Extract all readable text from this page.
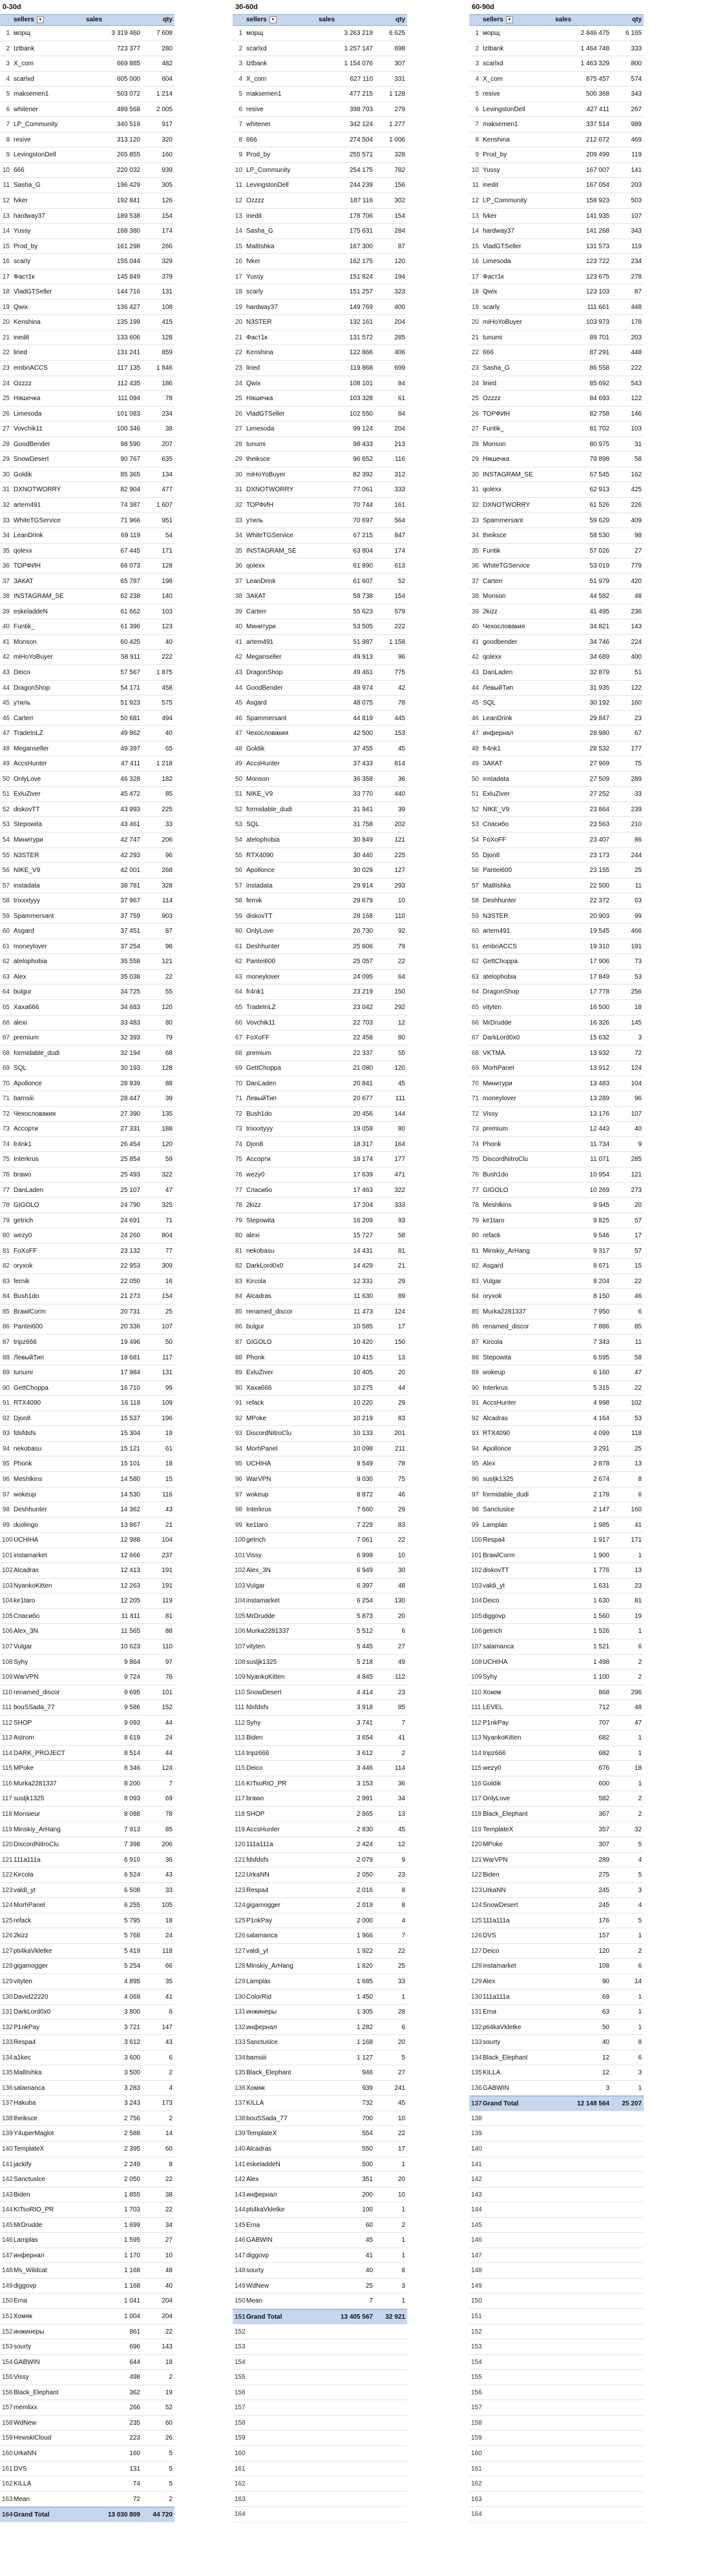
0-30d
sellers ▾	sales	qty
1 морщ	3 319 460	7 608
2 Iztbank	723 377	280
3 X_com	669 885	482
4 scarlxd	605 000	604
5 maksemen1	503 072	1 214
6 whitener	489 568	2 005
7 LP_Community	340 519	917
8 resive	313 120	320
9 LevingstonDell	265 855	160
10 666	220 032	939
11 Sasha_G	196 429	305
12 fvker	192 841	126
13 hardway37	189 538	154
14 Yussy	168 380	174
15 Prod_by	161 298	266
16 scarly	155 044	329
17 Фаст1к	145 849	379
18 VladGTSeller	144 716	131
19 Qwix	136 427	108
20 Kenshina	135 199	415
21 inedit	133 606	128
22 liried	131 241	859
23 embriACCS	117 135	1 846
24 Ozzzz	112 435	186
25 Няшечка	111 094	78
26 Limesoda	101 083	234
27 Vovchik11	100 346	38
28 GoodBender	98 590	207
29 SnowDesert	90 767	635
30 Goldik	85 365	134
31 DXNOTWORRY	82 904	477
32 artem491	74 387	1 607
33 WhiteTGService	71 966	951
34 LeanDrink	69 119	54
35 qolexx	67 445	171
36 ТОРФИН	66 073	128
37 ЗАКАТ	65 787	198
38 INSTAGRAM_SE	62 238	140
39 eskeladdeN	61 662	103
40 Funtik_	61 396	123
41 Monson	60 425	40
42 miHoYoBuyer	58 911	222
43 Deico	57 567	1 875
44 DragonShop	54 171	458
45 утиль	51 923	575
46 Carterr	50 681	494
47 TradeInLZ	49 862	40
48 Meganseller	49 397	65
49 AccsHunter	47 411	1 218
50 OnlyLove	46 328	182
51 ExluZiver	45 472	85
52 diskovTT	43 993	225
53 Stepowita	43 461	33
54 Минитури	42 747	206
55 N3STER	42 293	96
56 NIKE_V9	42 001	268
57 instadata	38 781	328
58 trixxxtyyy	37 967	114
59 Spammersant	37 759	903
60 Asgard	37 451	87
61 moneylover	37 254	98
62 atelophobia	35 558	121
63 Alex	35 038	22
64 bulgur	34 725	55
65 Xaxa666	34 683	120
66 alexi	33 483	80
67 premium	32 393	79
68 formidable_dudi	32 194	68
69 SQL	30 193	128
70 Apollonce	28 939	88
71 bamsiii	28 447	39
72 Чехословакия	27 390	135
73 Ассорти	27 331	188
74 fr4nk1	26 454	120
75 Interkrus	25 854	59
76 brawo	25 493	322
77 DanLaden	25 107	47
78 GIGOLO	24 790	325
79 getrich	24 691	71
80 wezy0	24 260	804
81 FoXoFF	23 132	77
82 oryxok	22 953	309
83 fernik	22 050	16
84 Bush1do	21 273	154
85 BrawlCorm	20 731	25
86 Pantei600	20 336	107
87 tripz666	19 496	50
88 ЛевыйТип	18 681	117
89 tunumi	17 984	131
90 GettChoppa	16 710	99
91 RTX4090	16 118	109
92 Djon8	15 537	196
93 fdsfdsfs	15 304	19
94 nekobasu	15 121	61
95 Phonk	15 101	18
96 Meshlkins	14 580	15
97 wokeup	14 530	116
98 Deshhunter	14 362	43
99 duolingo	13 867	21
100 UCHIHA	12 988	104
101 instamarket	12 666	237
102 Alcadras	12 413	191
103 NyankoKitten	12 263	191
104 ke1taro	12 205	119
105 Спасибо	11 811	81
106 Alex_3N	11 565	88
107 Vulgar	10 623	110
108 Syhy	9 864	97
109 WarVPN	9 724	76
110 renamed_discor	9 695	101
111 bouSSada_77	9 586	152
112 SHOP	9 093	44
113 Astrom	8 619	24
114 DARK_PROJECT	8 514	44
115 MPoke	8 346	124
116 Murka2281337	8 200	7
117 susljk1325	8 093	69
118 Monsieur	8 088	78
119 Minskiy_ArHang	7 913	85
120 DiscordNitroClu	7 398	206
121 111a111a	6 910	36
122 Kircola	6 524	43
123 valdi_yt	6 508	33
124 MorhPanel	6 255	105
125 refack	5 795	18
126 2kizz	5 768	24
127 pti4kaVkletke	5 419	118
128 gigamogger	5 254	66
129 vityten	4 895	35
130 David22220	4 069	41
131 DarkLord0x0	3 800	6
132 P1nkPay	3 721	147
133 Respa4	3 612	43
134 a1kec	3 600	6
135 Ma8Ishka	3 500	2
136 salamanca	3 283	4
137 Hakuba	3 243	173
138 theiksce	2 756	2
139 Y4uperMaglot	2 588	14
140 TemplateX	2 395	60
141 jackify	2 249	8
142 Sanctuslce	2 050	22
143 Biden	1 855	38
144 KITsoRIO_PR	1 703	22
145 MrDrudde	1 699	34
146 Lamplas	1 595	27
147 инфернал	1 170	10
148 Ms_Wildcat	1 168	48
149 diggovp	1 168	40
150 Erna	1 041	204
151 Хомяк	1 004	204
152 инжинеры	861	22
153 sourty	696	143
154 GABWIN	644	18
155 Vissy	498	2
156 Black_Elephant	362	19
157 memlixx	266	52
158 WdNew	235	60
159 HewskiCloud	223	26
160 UrkaNN	160	5
161 DVS	131	5
162 KILLA	74	5
163 Mean	72	2
164 Grand Total	13 030 809	44 720
30-60d
sellers ▾	sales	qty
1 морщ	3 263 219	6 625
2 scarlxd	1 257 147	698
3 Iztbank	1 154 076	307
4 X_com	627 110	331
5 maksemen1	477 215	1 128
6 resive	398 703	279
7 whitener	342 124	1 277
8 666	274 504	1 006
9 Prod_by	255 571	328
10 LP_Community	254 175	782
11 LevingstonDell	244 239	156
12 Ozzzz	187 116	302
13 inedit	178 706	154
14 Sasha_G	175 631	284
15 Ma8Ishka	167 300	87
16 fvker	162 175	120
17 Yussy	151 824	194
18 scarly	151 257	323
19 hardway37	149 769	400
20 N3STER	132 161	204
21 Фаст1к	131 572	285
22 Kenshina	122 866	406
23 liried	119 868	699
24 Qwix	108 101	84
25 Няшечка	103 328	61
26 VladGTSeller	102 550	84
27 Limesoda	99 124	204
28 tunumi	98 433	213
29 theikscе	96 652	116
30 miHoYoBuyer	82 392	312
31 DXNOTWORRY	77 061	333
32 ТОРФИН	70 744	161
33 утиль	70 697	564
34 WhiteTGService	67 215	847
35 INSTAGRAM_SE	63 804	174
36 qolexx	61 890	613
37 LeanDrink	61 607	52
38 ЗАКАТ	58 738	154
39 Carterr	55 623	579
40 Минитури	53 505	222
41 artem491	51 987	1 158
42 Meganseller	49 913	96
43 DragonShop	49 461	775
44 GoodBender	48 974	42
45 Asgard	48 075	78
46 Spammersant	44 819	445
47 Чехословакия	42 500	153
48 Goldik	37 455	45
49 AccsHunter	37 433	814
50 Monson	36 358	36
51 NIKE_V9	33 770	440
52 formidable_dudi	31 941	39
53 SQL	31 758	202
54 atelophobia	30 849	121
55 RTX4090	30 440	225
56 Apollonce	30 029	127
57 instadata	29 914	293
58 fernik	29 679	10
59 diskovTT	28 168	110
60 OnlyLove	26 730	92
61 Deshhunter	25 606	79
62 Pantei600	25 057	22
63 moneylover	24 095	64
64 fr4nk1	23 219	150
65 TradeInLZ	23 042	292
66 Vovchik11	22 703	12
67 FoXoFF	22 458	80
68 premium	22 337	55
69 GettChoppa	21 080	120
70 DanLaden	20 841	45
71 ЛевыйТип	20 677	111
72 Bush1do	20 456	144
73 trixxxtyyy	19 058	80
74 Djon8	18 317	164
75 Ассорти	18 174	177
76 wezy0	17 639	471
77 Спасибо	17 463	322
78 2kizz	17 204	333
79 Stepowita	16 209	93
80 alexi	15 727	58
81 nekobasu	14 431	81
82 DarkLord0x0	14 429	21
83 Kircola	12 331	29
84 Alcadras	11 630	89
85 renamed_discor	11 473	124
86 bulgur	10 585	17
87 GIGOLO	10 420	150
88 Phonk	10 415	13
89 ExluZiver	10 405	20
90 Xaxa666	10 275	44
91 refack	10 220	29
92 MPoke	10 219	83
93 DiscordNitroClu	10 133	201
94 MorhPanel	10 098	211
95 UCHIHA	9 549	78
96 WarVPN	9 030	75
97 wokeup	8 872	46
98 Interkrus	7 660	29
99 ke1taro	7 229	83
100 getrich	7 061	22
101 Vissy	6 999	10
102 Alex_3N	6 949	30
103 Vulgar	6 397	48
104 instamarket	6 254	130
105 MrDrudde	5 873	20
106 Murka2281337	5 512	6
107 vityten	5 445	27
108 susljk1325	5 218	49
109 NyankoKitten	4 845	112
110 SnowDesert	4 414	23
111 fdsfdsfs	3 918	85
112 Syhy	3 741	7
113 Biden	3 654	41
114 tripz666	3 612	2
115 Deico	3 446	114
116 KITsoRIO_PR	3 153	36
117 brawo	2 991	34
118 SHOP	2 865	13
119 AccsHunter	2 830	45
120 111a111a	2 424	12
121 fdsfdsfs	2 079	9
122 UrkaNN	2 050	23
123 Respa4	2 016	8
124 gigamogger	2 019	8
125 P1nkPay	2 000	4
126 salamanca	1 966	7
127 valdi_yt	1 922	22
128 Minskiy_ArHang	1 820	25
129 Lamplas	1 685	33
130 ColorRid	1 450	1
131 инжинеры	1 305	28
132 инфернал	1 282	6
133 Sanctuslce	1 168	20
134 bamsiii	1 127	5
135 Black_Elephant	946	27
136 Хомяк	939	241
137 KILLA	732	45
138 bouSSada_77	700	10
139 TemplateX	554	22
140 Alcadras	550	17
141 eskeladdeN	500	1
142 Alex	351	20
143 инфернал	200	10
144 pti4kaVkletke	100	1
145 Erna	60	2
146 GABWIN	45	1
147 diggovp	41	1
148 sourty	40	8
149 WdNew	25	3
150 Mean	7	1
151 Grand Total	13 405 567	32 921
152
153
154
155
156
157
158
159
160
161
162
163
164
60-90d
sellers ▾	sales	qty
1 морщ	2 846 475	6 165
2 Iztbank	1 464 748	333
3 scarlxd	1 463 329	800
4 X_com	875 457	574
5 resive	500 368	343
6 LevingstonDell	427 411	267
7 maksemen1	337 514	989
8 Kenshina	212 672	469
9 Prod_by	209 499	119
10 Yussy	167 007	141
11 inedit	167 054	203
12 LP_Community	158 923	503
13 fvker	141 935	107
14 hardway37	141 268	343
15 VladGTSeller	131 573	119
16 Limesoda	123 722	234
17 Фаст1к	123 675	278
18 Qwix	123 103	87
19 scarly	111 661	448
20 miHoYoBuyer	103 973	178
21 tunumi	89 701	203
22 666	87 291	448
23 Sasha_G	86 558	222
24 liried	85 692	543
25 Ozzzz	84 693	122
26 ТОРФИН	82 758	146
27 Funtik_	81 702	103
28 Monson	80 975	31
29 Няшечка	79 898	58
30 INSTAGRAM_SE	67 545	162
31 qolexx	62 913	425
32 DXNOTWORRY	61 526	226
33 Spammersant	59 629	409
34 theikscе	58 530	98
35 Funtik	57 026	27
36 WhiteTGService	53 019	779
37 Carterr	51 979	420
38 Monson	44 582	48
39 2kizz	41 495	236
40 Чехословакия	34 821	143
41 goodbender	34 746	224
42 qolexx	34 689	400
43 DanLaden	32 879	51
44 ЛевыйТип	31 935	122
45 SQL	30 192	160
46 LeanDrink	29 847	23
47 инфернал	28 980	67
48 fr4nk1	28 532	177
49 ЗАКАТ	27 969	75
50 instadata	27 509	289
51 ExluZiver	27 252	33
52 NIKE_V9	23 864	239
53 Спасибо	23 563	210
54 FoXoFF	23 407	86
55 Djon8	23 173	244
56 Pantei600	23 155	25
57 Ma8Ishka	22 500	11
58 Deshhunter	22 372	63
59 N3STER	20 903	99
60 artem491	19 545	466
61 embriACCS	19 310	191
62 GettChoppa	17 906	73
63 atelophobia	17 849	53
64 DragonShop	17 778	256
65 vityten	16 500	18
66 MrDrudde	16 326	145
67 DarkLord0x0	15 632	3
68 VKTMA	13 932	72
69 MorhPanel	13 912	124
70 Минитури	13 483	104
71 moneylover	13 289	96
72 Vissy	13 176	107
73 premium	12 443	40
74 Phonk	11 734	9
75 DiscordNitroClu	11 071	285
76 Bush1do	10 954	121
77 GIGOLO	10 269	273
78 Meshlkins	9 945	20
79 ke1taro	9 825	57
80 refack	9 546	17
81 Minskiy_ArHang	9 317	57
82 Asgard	8 671	15
83 Vulgar	8 204	22
84 oryxok	8 150	46
85 Murka2281337	7 950	6
86 renamed_discor	7 886	85
87 Kircola	7 343	11
88 Stepowita	6 595	58
89 wokeup	6 160	47
90 Interkrus	5 315	22
91 AccsHunter	4 998	102
92 Alcadras	4 164	53
93 RTX4090	4 099	118
94 Apollonce	3 291	25
95 Alex	2 878	13
96 susljk1325	2 674	8
97 formidable_dudi	2 178	6
98 Sanctuslce	2 147	160
99 Lamplas	1 985	41
100 Respa4	1 917	171
101 BrawlCorm	1 900	1
102 diskovTT	1 776	13
103 valdi_yt	1 631	23
104 Deico	1 630	81
105 diggovp	1 560	19
106 getrich	1 526	1
107 salamanca	1 521	6
108 UCHIHA	1 498	2
109 Syhy	1 100	2
110 Хомяк	868	296
111 LEVEL	712	48
112 P1nkPay	707	47
113 NyankoKitten	682	1
114 tripz666	682	1
115 wezy0	676	18
116 Goldik	600	1
117 OnlyLove	582	2
118 Black_Elephant	367	2
119 TemplateX	357	32
120 MPoke	307	5
121 WarVPN	289	4
122 Biden	275	5
123 UrkaNN	245	3
124 SnowDesert	245	4
125 111a111a	176	5
126 DVS	157	1
127 Deico	120	2
128 instamarket	108	6
129 Alex	90	14
130 111a111a	69	1
131 Erna	63	1
132 pti4kaVkletke	50	1
133 sourty	40	8
134 Black_Elephant	12	6
135 KILLA	12	3
136 GABWIN	3	1
137 Grand Total	12 148 564	25 207
138
139
140
141
142
143
144
145
146
147
148
149
150
151
152
153
154
155
156
157
158
159
160
161
162
163
164
